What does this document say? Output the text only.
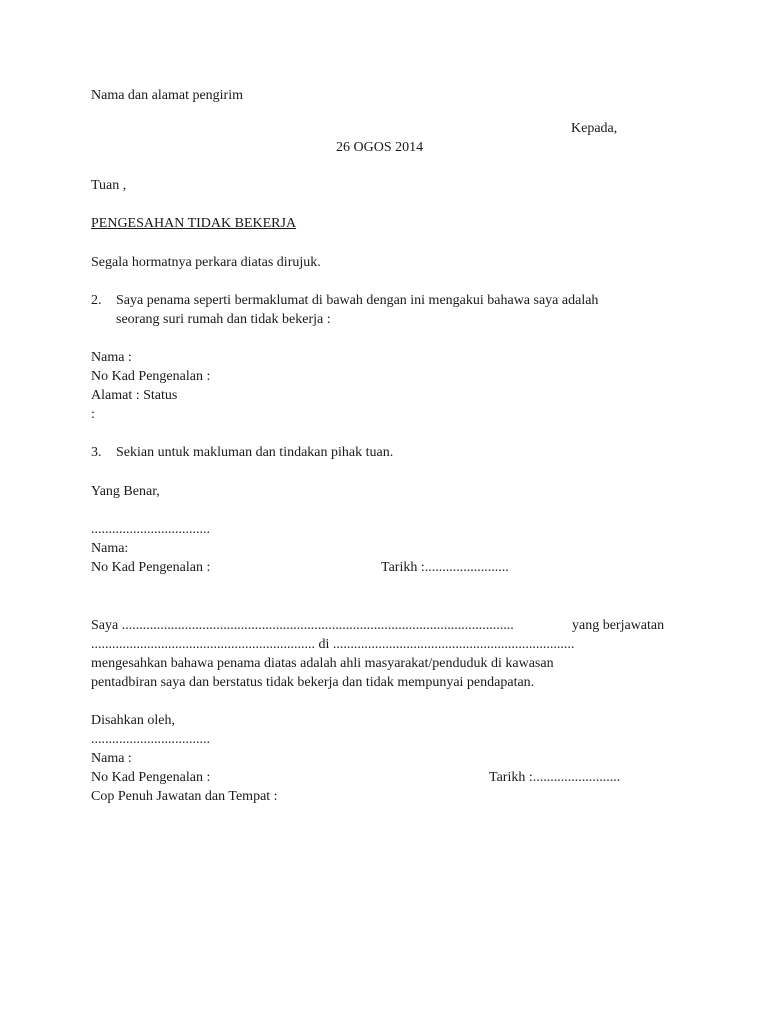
Nama dan alamat pengirim
Kepada,
26 OGOS 2014
Tuan ,
PENGESAHAN TIDAK BEKERJA
Segala hormatnya perkara diatas dirujuk.
2. Saya penama seperti bermaklumat di bawah dengan ini mengakui bahawa saya adalah
seorang suri rumah dan tidak bekerja :
Nama :
No Kad Pengenalan :
Alamat : Status
:
3. Sekian untuk makluman dan tindakan pihak tuan.
Yang Benar,
..................................
Nama:
No Kad Pengenalan :	Tarikh :........................
Saya ................................................................................................................	yang berjawatan
................................................................ di .....................................................................
mengesahkan bahawa penama diatas adalah ahli masyarakat/penduduk di kawasan
pentadbiran saya dan berstatus tidak bekerja dan tidak mempunyai pendapatan.
Disahkan oleh,
..................................
Nama :
No Kad Pengenalan :	Tarikh :.........................
Cop Penuh Jawatan dan Tempat :
